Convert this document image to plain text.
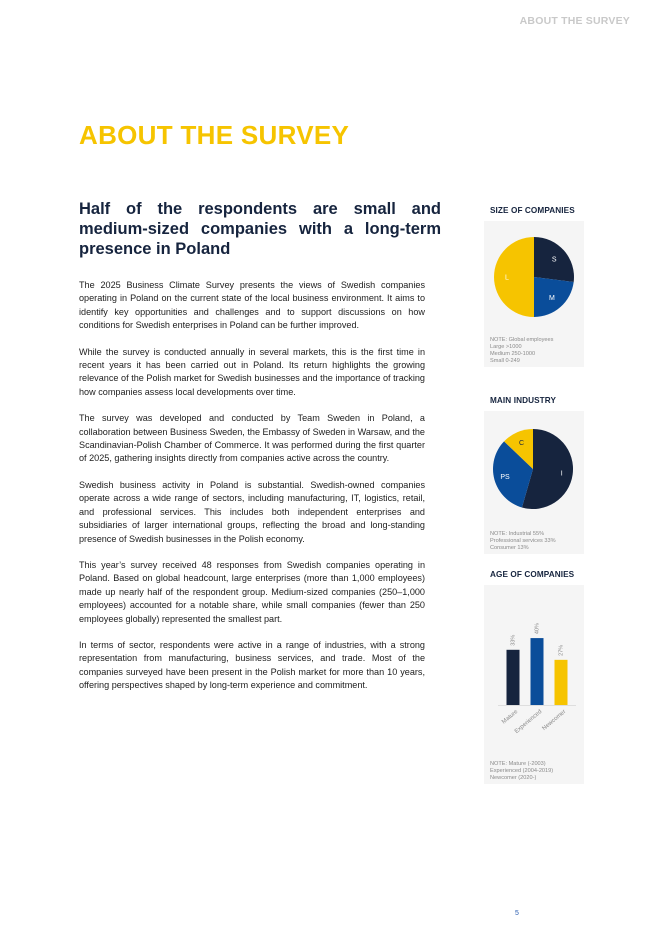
ABOUT THE SURVEY
ABOUT THE SURVEY
Half of the respondents are small and medium-sized companies with a long-term presence in Poland

The 2025 Business Climate Survey presents the views of Swedish companies operating in Poland on the current state of the local business environment. It aims to identify key opportunities and challenges and to support discussions on how conditions for Swedish enterprises in Poland can be further improved.

While the survey is conducted annually in several markets, this is the first time in recent years it has been carried out in Poland. Its return highlights the growing relevance of the Polish market for Swedish businesses and the importance of tracking how companies assess local developments over time.

The survey was developed and conducted by Team Sweden in Poland, a collaboration between Business Sweden, the Embassy of Sweden in Warsaw, and the Scandinavian-Polish Chamber of Commerce. It was performed during the first quarter of 2025, gathering insights directly from companies active across the country.

Swedish business activity in Poland is substantial. Swedish-owned companies operate across a wide range of sectors, including manufacturing, IT, logistics, retail, and professional services. This includes both independent enterprises and subsidiaries of larger international groups, reflecting the broad and long-standing presence of Swedish businesses in the Polish economy.

This year’s survey received 48 responses from Swedish companies operating in Poland. Based on global headcount, large enterprises (more than 1,000 employees) made up nearly half of the respondent group. Medium-sized companies (250–1,000 employees) accounted for a notable share, while small companies (fewer than 250 employees globally) represented the smallest part.

In terms of sector, respondents were active in a range of industries, with a strong representation from manufacturing, business services, and trade. Most of the companies surveyed have been present in the Polish market for more than 10 years, offering perspectives shaped by long-term experience and commitment.

SIZE OF COMPANIES
S
M
L
NOTE: Global employees
Large >1000
Medium 250-1000
Small 0-249
MAIN INDUSTRY
I
PS
C
NOTE: Industrial 55%
Professional services 33%
Consumer 13%
AGE OF COMPANIES
33%
Mature
40%
Experienced
27%
Newcomer
NOTE: Mature (-2003)
Experienced (2004-2019)
Newcomer (2020-)
5
